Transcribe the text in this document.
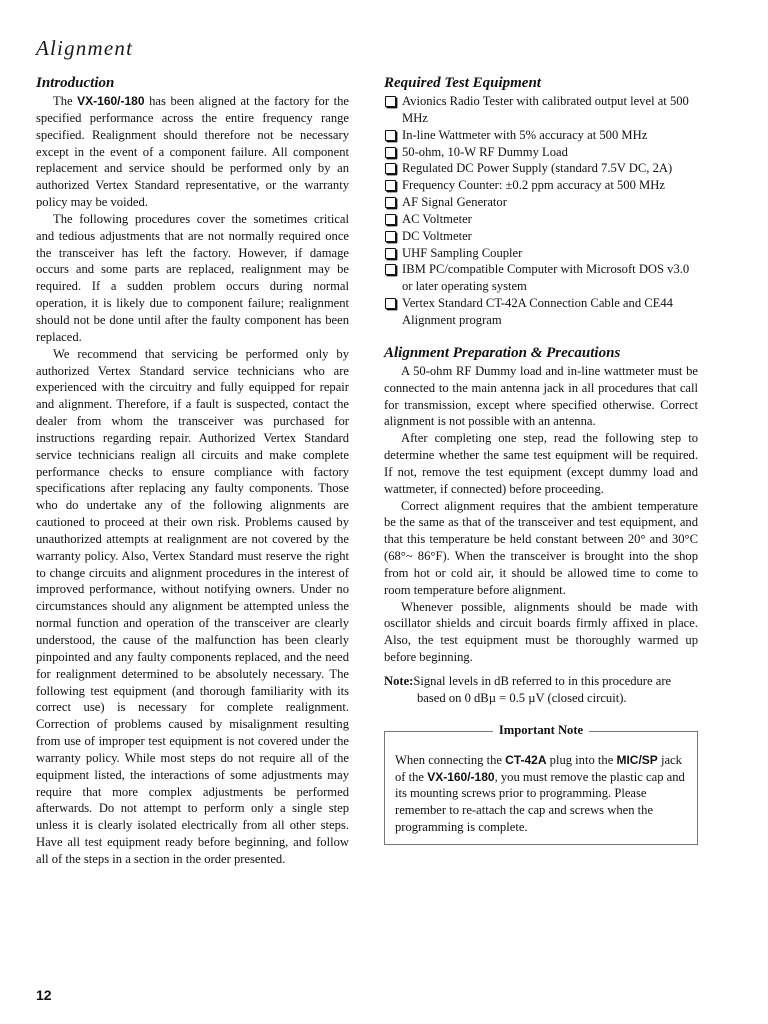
Alignment
Introduction

The VX-160/-180 has been aligned at the factory for the specified performance across the entire frequency range specified. Realignment should therefore not be necessary except in the event of a component failure. All component replacement and service should be performed only by an authorized Vertex Standard representative, or the warranty policy may be voided.

The following procedures cover the sometimes critical and tedious adjustments that are not normally required once the transceiver has left the factory. However, if damage occurs and some parts are replaced, realignment may be required. If a sudden problem occurs during normal operation, it is likely due to component failure; realignment should not be done until after the faulty component has been replaced.

We recommend that servicing be performed only by authorized Vertex Standard service technicians who are experienced with the circuitry and fully equipped for repair and alignment. Therefore, if a fault is suspected, contact the dealer from whom the transceiver was purchased for instructions regarding repair. Authorized Vertex Standard service technicians realign all circuits and make complete performance checks to ensure compliance with factory specifications after replacing any faulty components. Those who do undertake any of the following alignments are cautioned to proceed at their own risk. Problems caused by unauthorized attempts at realignment are not covered by the warranty policy. Also, Vertex Standard must reserve the right to change circuits and alignment procedures in the interest of improved performance, without notifying owners. Under no circumstances should any alignment be attempted unless the normal function and operation of the transceiver are clearly understood, the cause of the malfunction has been clearly pinpointed and any faulty components replaced, and the need for realignment determined to be absolutely necessary. The following test equipment (and thorough familiarity with its correct use) is necessary for complete realignment. Correction of problems caused by misalignment resulting from use of improper test equipment is not covered under the warranty policy. While most steps do not require all of the equipment listed, the interactions of some adjustments may require that more complex adjustments be performed afterwards. Do not attempt to perform only a single step unless it is clearly isolated electrically from all other steps. Have all test equipment ready before beginning, and follow all of the steps in a section in the order presented.

Required Test Equipment
Avionics Radio Tester with calibrated output level at 500 MHz
In-line Wattmeter with 5% accuracy at 500 MHz
50-ohm, 10-W RF Dummy Load
Regulated DC Power Supply (standard 7.5V DC, 2A)
Frequency Counter: ±0.2 ppm accuracy at 500 MHz
AF Signal Generator
AC Voltmeter
DC Voltmeter
UHF Sampling Coupler
IBM PC/compatible Computer with Microsoft DOS v3.0 or later operating system
Vertex Standard CT-42A Connection Cable and CE44 Alignment program
Alignment Preparation & Precautions

A 50-ohm RF Dummy load and in-line wattmeter must be connected to the main antenna jack in all procedures that call for transmission, except where specified otherwise. Correct alignment is not possible with an antenna.

After completing one step, read the following step to determine whether the same test equipment will be required. If not, remove the test equipment (except dummy load and wattmeter, if connected) before proceeding.

Correct alignment requires that the ambient temperature be the same as that of the transceiver and test equipment, and that this temperature be held constant between 20° and 30°C (68°~ 86°F). When the transceiver is brought into the shop from hot or cold air, it should be allowed time to come to room temperature before alignment.

Whenever possible, alignments should be made with oscillator shields and circuit boards firmly affixed in place. Also, the test equipment must be thoroughly warmed up before beginning.

Note:Signal levels in dB referred to in this procedure are
based on 0 dBµ = 0.5 µV (closed circuit).

Important Note

When connecting the CT-42A plug into the MIC/SP jack of the VX-160/-180, you must remove the plastic cap and its mounting screws prior to programming. Please remember to re-attach the cap and screws when the programming is complete.

12
